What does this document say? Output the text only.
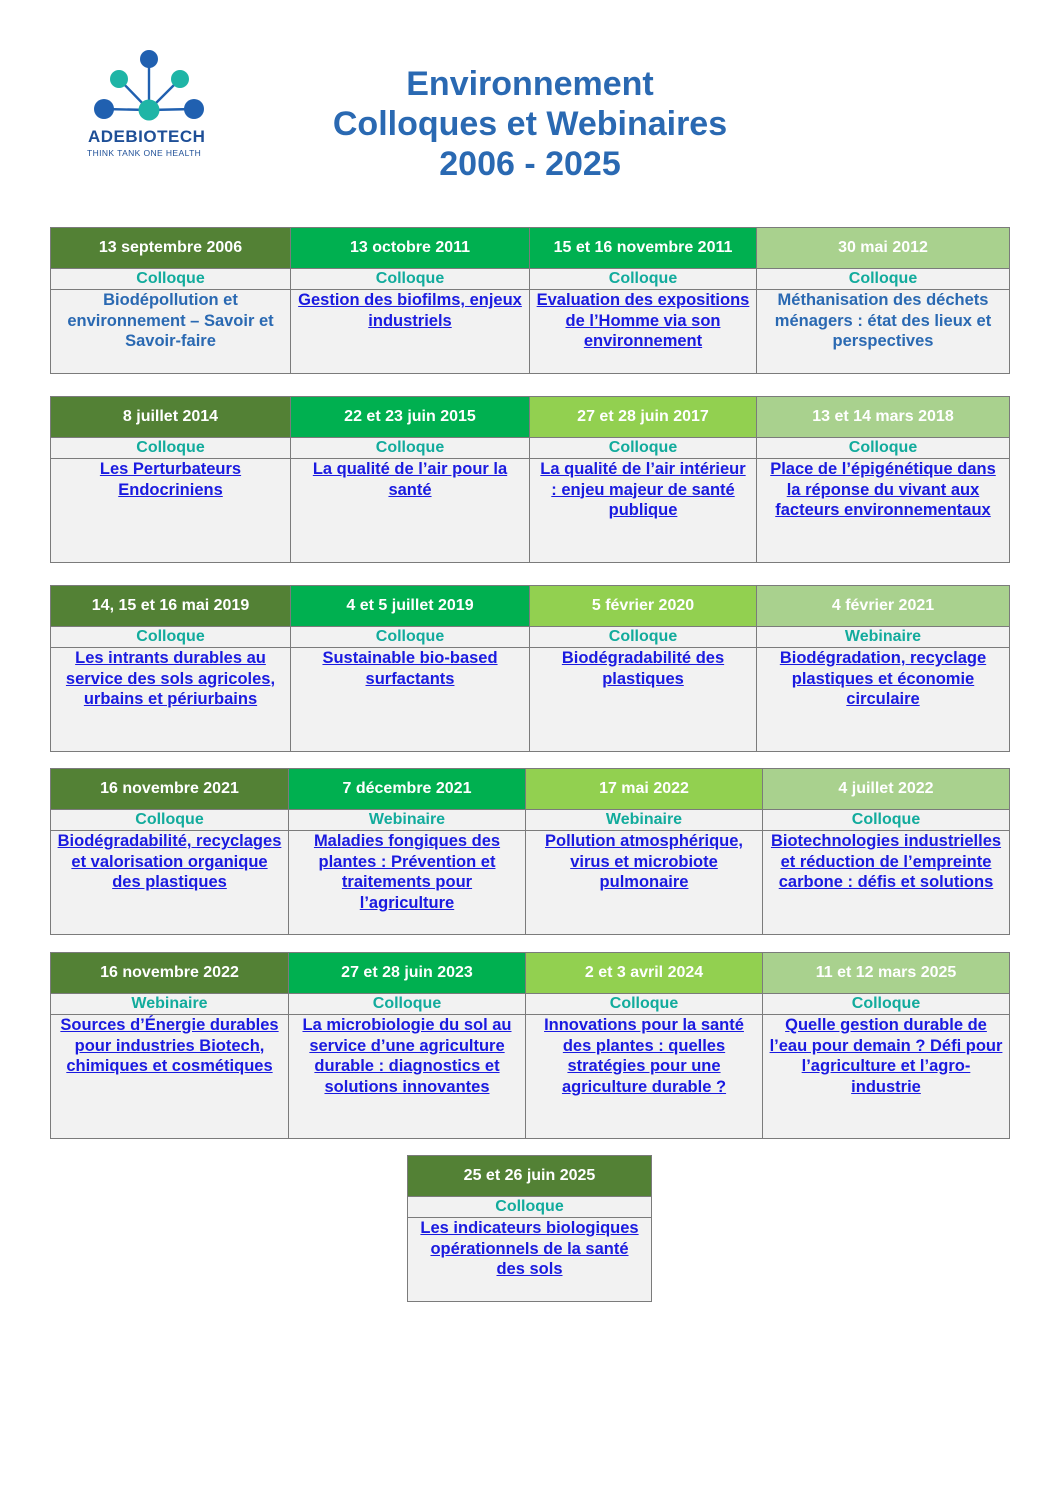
ADEBIOTECH
THINK TANK ONE HEALTH
Environnement
Colloques et Webinaires
2006 - 2025
13 septembre 2006	13 octobre 2011	15 et 16 novembre 2011	30 mai 2012
Colloque	Colloque	Colloque	Colloque
Biodépollution et environnement – Savoir et Savoir-faire	Gestion des biofilms, enjeux industriels	Evaluation des expositions de l’Homme via son environnement	Méthanisation des déchets ménagers : état des lieux et perspectives
8 juillet 2014	22 et 23 juin 2015	27 et 28 juin 2017	13 et 14 mars 2018
Colloque	Colloque	Colloque	Colloque
Les Perturbateurs Endocriniens	La qualité de l’air pour la santé	La qualité de l’air intérieur : enjeu majeur de santé publique	Place de l’épigénétique dans la réponse du vivant aux facteurs environnementaux
14, 15 et 16 mai 2019	4 et 5 juillet 2019	5 février 2020	4 février 2021
Colloque	Colloque	Colloque	Webinaire
Les intrants durables au service des sols agricoles, urbains et périurbains	Sustainable bio-based surfactants	Biodégradabilité des plastiques	Biodégradation, recyclage plastiques et économie circulaire
16 novembre 2021	7 décembre 2021	17 mai 2022	4 juillet 2022
Colloque	Webinaire	Webinaire	Colloque
Biodégradabilité, recyclages et valorisation organique des plastiques	Maladies fongiques des plantes : Prévention et traitements pour l’agriculture	Pollution atmosphérique, virus et microbiote pulmonaire	Biotechnologies industrielles et réduction de l’empreinte carbone : défis et solutions
16 novembre 2022	27 et 28 juin 2023	2 et 3 avril 2024	11 et 12 mars 2025
Webinaire	Colloque	Colloque	Colloque
Sources d’Énergie durables pour industries Biotech, chimiques et cosmétiques	La microbiologie du sol au service d’une agriculture durable : diagnostics et solutions innovantes	Innovations pour la santé des plantes : quelles stratégies pour une agriculture durable ?	Quelle gestion durable de l’eau pour demain ? Défi pour l’agriculture et l’agro-industrie
25 et 26 juin 2025
Colloque
Les indicateurs biologiques opérationnels de la santé des sols
